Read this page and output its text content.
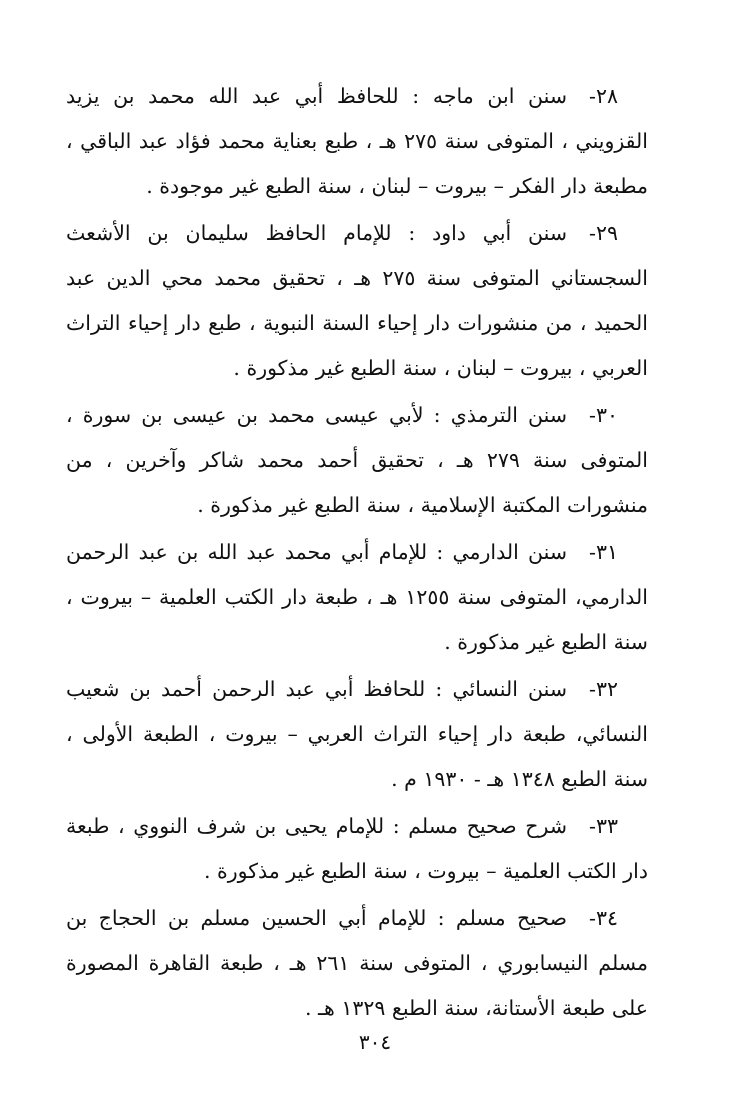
٢٨-سنن ابن ماجه : للحافظ أبي عبد الله محمد بن يزيد القزويني ، المتوفى سنة ٢٧٥ هـ ، طبع بعناية محمد فؤاد عبد الباقي ، مطبعة دار الفكر – بيروت – لبنان ، سنة الطبع غير موجودة .

٢٩-سنن أبي داود : للإمام الحافظ سليمان بن الأشعث السجستاني المتوفى سنة ٢٧٥ هـ ، تحقيق محمد محي الدين عبد الحميد ، من منشورات دار إحياء السنة النبوية ، طبع دار إحياء التراث العربي ، بيروت – لبنان ، سنة الطبع غير مذكورة .

٣٠-سنن الترمذي : لأبي عيسى محمد بن عيسى بن سورة ، المتوفى سنة ٢٧٩ هـ ، تحقيق أحمد محمد شاكر وآخرين ، من منشورات المكتبة الإسلامية ، سنة الطبع غير مذكورة .

٣١-سنن الدارمي : للإمام أبي محمد عبد الله بن عبد الرحمن الدارمي، المتوفى سنة ١٢٥٥ هـ ، طبعة دار الكتب العلمية – بيروت ، سنة الطبع غير مذكورة .

٣٢-سنن النسائي : للحافظ أبي عبد الرحمن أحمد بن شعيب النسائي، طبعة دار إحياء التراث العربي – بيروت ، الطبعة الأولى ، سنة الطبع ١٣٤٨ هـ - ١٩٣٠ م .

٣٣-شرح صحيح مسلم : للإمام يحيى بن شرف النووي ، طبعة دار الكتب العلمية – بيروت ، سنة الطبع غير مذكورة .

٣٤-صحيح مسلم : للإمام أبي الحسين مسلم بن الحجاج بن مسلم النيسابوري ، المتوفى سنة ٢٦١ هـ ، طبعة القاهرة المصورة على طبعة الأستانة، سنة الطبع ١٣٢٩ هـ .

٣٠٤
